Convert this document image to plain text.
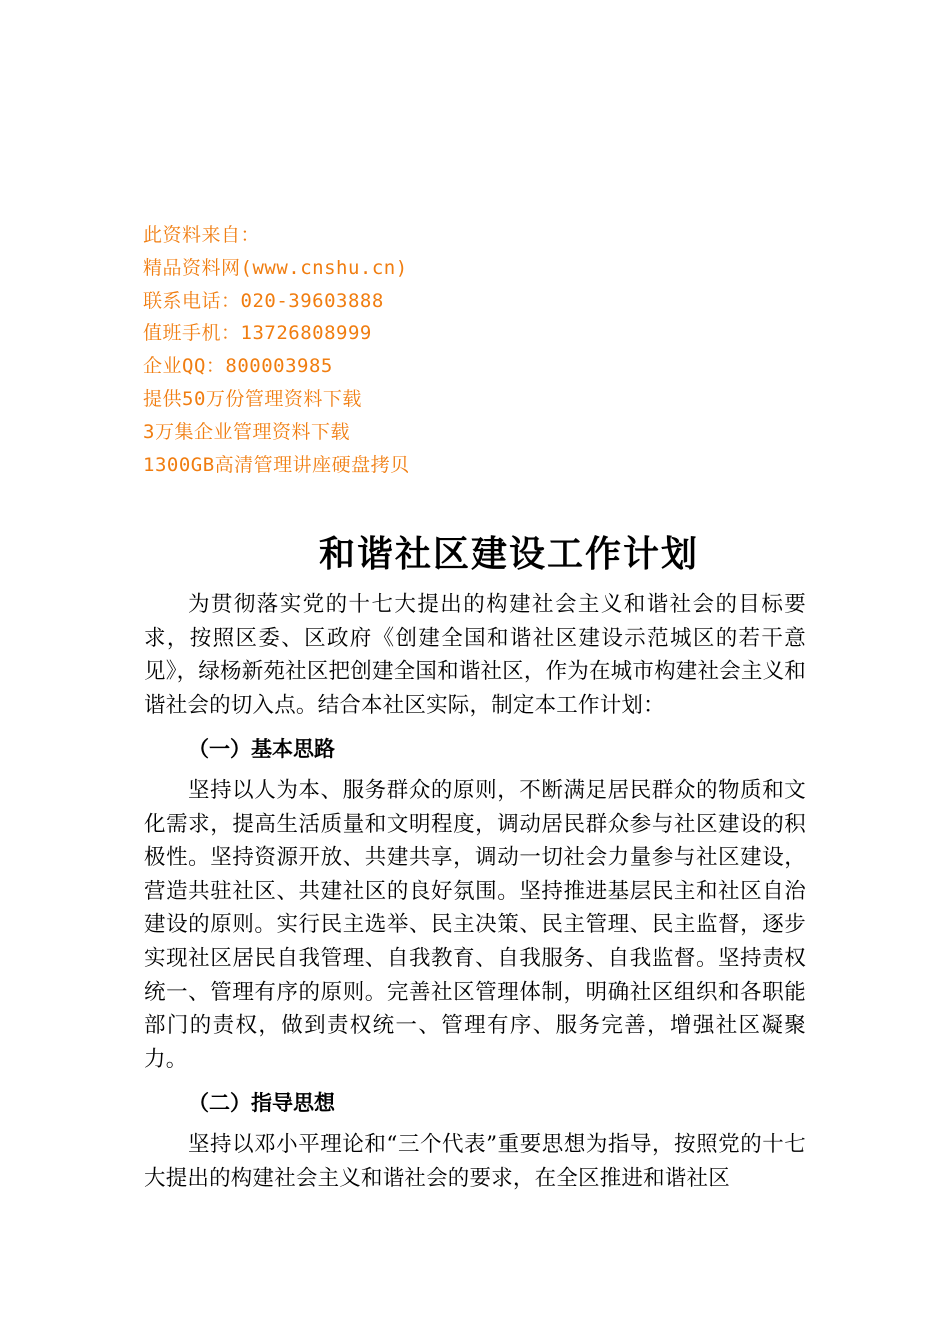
此资料来自：
精品资料网(www.cnshu.cn)
联系电话：020-39603888
值班手机：13726808999
企业QQ：800003985
提供50万份管理资料下载
3万集企业管理资料下载
1300GB高清管理讲座硬盘拷贝
和谐社区建设工作计划

为贯彻落实党的十七大提出的构建社会主义和谐社会的目标要求，按照区委、区政府《创建全国和谐社区建设示范城区的若干意见》，绿杨新苑社区把创建全国和谐社区，作为在城市构建社会主义和谐社会的切入点。结合本社区实际，制定本工作计划：

（一）基本思路

坚持以人为本、服务群众的原则，不断满足居民群众的物质和文化需求，提高生活质量和文明程度，调动居民群众参与社区建设的积极性。坚持资源开放、共建共享，调动一切社会力量参与社区建设，营造共驻社区、共建社区的良好氛围。坚持推进基层民主和社区自治建设的原则。实行民主选举、民主决策、民主管理、民主监督，逐步实现社区居民自我管理、自我教育、自我服务、自我监督。坚持责权统一、管理有序的原则。完善社区管理体制，明确社区组织和各职能部门的责权，做到责权统一、管理有序、服务完善，增强社区凝聚力。

（二）指导思想

坚持以邓小平理论和“三个代表”重要思想为指导，按照党的十七大提出的构建社会主义和谐社会的要求，在全区推进和谐社区
